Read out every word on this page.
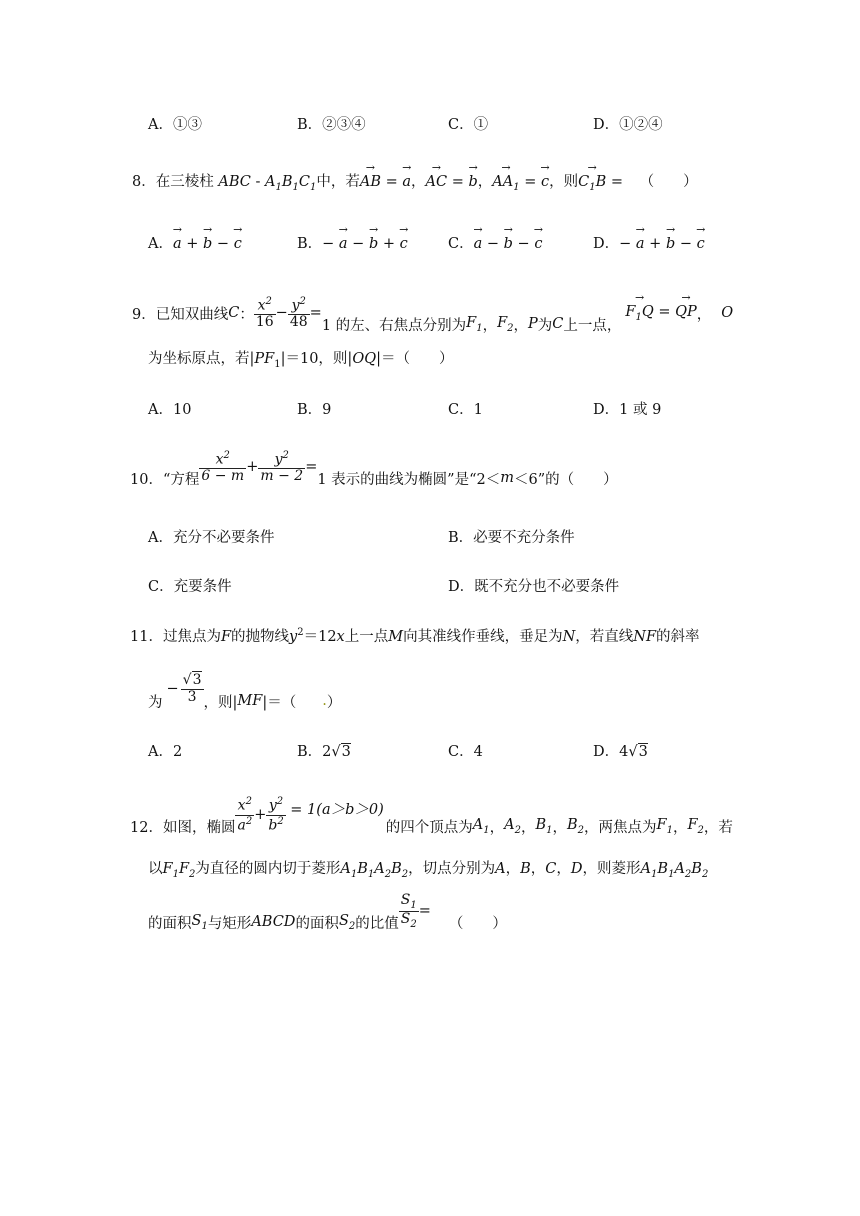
A．①③	B．②③④	C．①	D．①②④
8．在三棱柱 ABC - $A_1B_1C_1$中，若→ AB = → a，→ AC = → b，→ $AA_1$ = → c，则→ $C_1B$ = （　　）
A．→ a + → b − → c	B．− → a − → b + → c	C．→ a − → b − → c	D．− → a + → b − → c
9． 已知双曲线 C ： $\frac{x^2}{16} - \frac{y^2}{48}$ =
1 的左、右焦点分别为 $F_1$ ， $F_2$ ， P 为 C 上一点，
→ $F_1Q$ = → QP ， O
为坐标原点，若$|PF_1|=10$，则|OQ|＝（　　）
A．10	B．9	C．1	D．1 或 9
10．“方程 $\frac{x^2}{6 - m} + \frac{y^2}{m - 2}$ =
1 表示的曲线为椭圆”是“2＜ m ＜6”的（　　）
A．充分不必要条件	B．必要不充分条件
C．充要条件	D．既不充分也不必要条件
11．过焦点为F的抛物线$y^2=12x$上一点M向其准线作垂线，垂足为N，若直线NF的斜率
为
− $\frac{√3}{3}$ ，则| MF |＝（ . ）
A．2	B．2√3	C．4	D．4√3
12．如图，椭圆 $\frac{x^2}{a^2} + \frac{y^2}{b^2} = 1(a>b>0)$
的四个顶点为 $A_1$ ， $A_2$ ， $B_1$ ， $B_2$ ，两焦点为 $F_1$ ， $F_2$ ，若
以$F_1F_2$为直径的圆内切于菱形$A_1B_1A_2B_2$，切点分别为A，B，C，D，则菱形$A_1B_1A_2B_2$
的面积 $S_1$ 与矩形 ABCD 的面积 $S_2$ 的比值 $\frac{S_1}{S_2}$ =
（　　）
